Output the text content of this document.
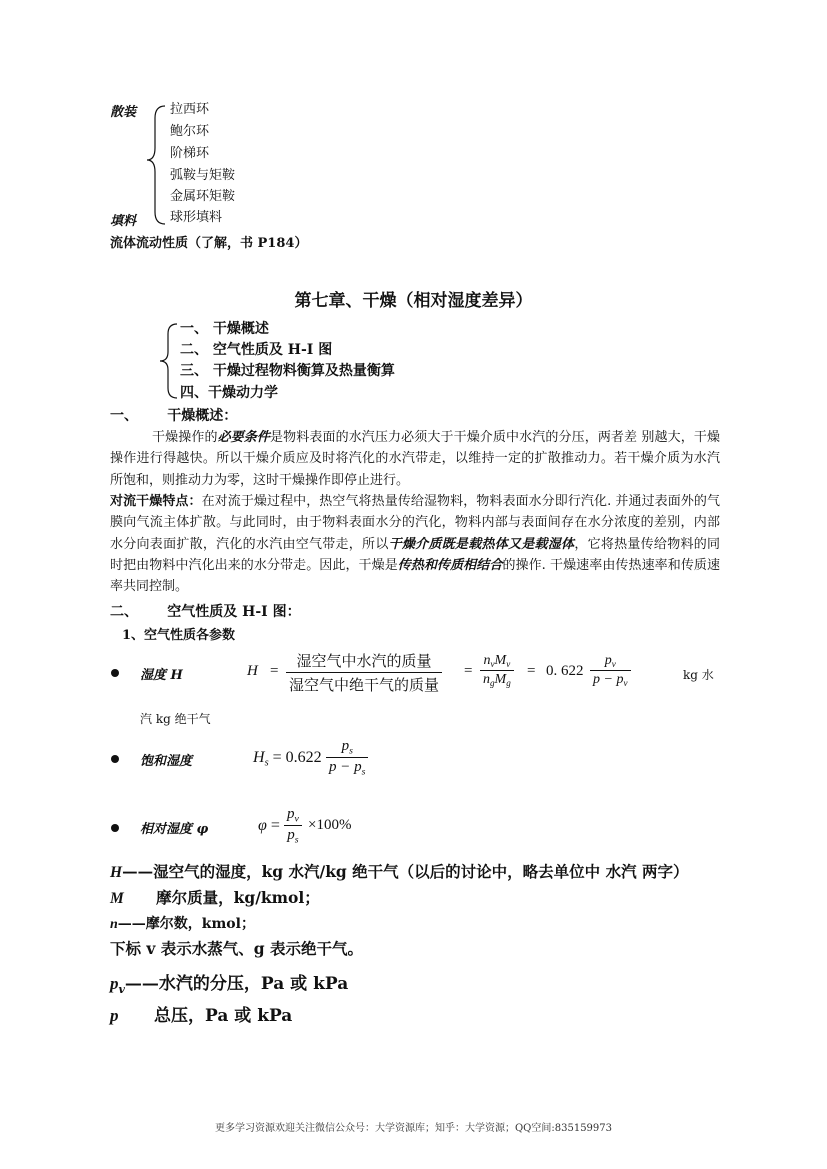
散装	拉西环
鲍尔环
阶梯环
弧鞍与矩鞍
金属环矩鞍
球形填料
填料
流体流动性质（了解，书 P184）
第七章、干燥（相对湿度差异）
一、 干燥概述
二、 空气性质及 H-I 图
三、 干燥过程物料衡算及热量衡算
四、干燥动力学
一、      干燥概述：
干燥操作的必要条件是物料表面的水汽压力必须大于干燥介质中水汽的分压，两者差 别越大，干燥操作进行得越快。所以干燥介质应及时将汽化的水汽带走，以维持一定的扩散推动力。若干燥介质为水汽所饱和，则推动力为零，这时干燥操作即停止进行。
对流干燥特点：在对流于燥过程中，热空气将热量传给湿物料，物料表面水分即行汽化. 并通过表面外的气膜向气流主体扩散。与此同时，由于物料表面水分的汽化，物料内部与表面间存在水分浓度的差别，内部水分向表面扩散，汽化的水汽由空气带走，所以干燥介质既是载热体又是载湿体，它将热量传给物料的同时把由物料中汽化出来的水分带走。因此，干燥是传热和传质相结合的操作. 干燥速率由传热速率和传质速率共同控制。
二、      空气性质及 H-I 图：
1、空气性质各参数
湿度 H	H =
湿空气中水汽的质量
湿空气中绝干气的质量
=
$n_vM_v$
$n_gM_g$
= 0. 622
$p_v$
$p - p_v$
kg 水
汽 kg 绝干气
饱和湿度	$H_s = 0.622$
$p_s$
$p - p_s$
相对湿度 φ	φ =
$p_v$
$p_s$
×100%
H——湿空气的湿度，kg 水汽/kg 绝干气（以后的讨论中，略去单位中 水汽 两字）
M      摩尔质量，kg/kmol；
n——摩尔数，kmol；
下标 v 表示水蒸气、g 表示绝干气。
$p_v——$水汽的分压，Pa 或 kPa
p      总压，Pa 或 kPa
更多学习资源欢迎关注微信公众号：大学资源库；知乎：大学资源；QQ空间:835159973
